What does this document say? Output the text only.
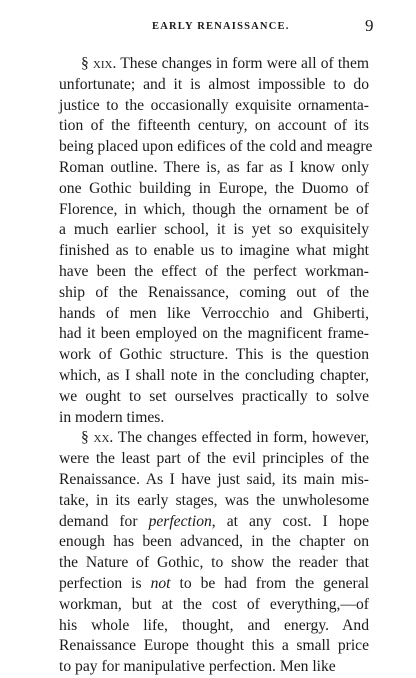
EARLY RENAISSANCE.	9
§ xix. These changes in form were all of them
unfortunate; and it is almost impossible to do
justice to the occasionally exquisite ornamenta-
tion of the fifteenth century, on account of its
being placed upon edifices of the cold and meagre
Roman outline. There is, as far as I know only
one Gothic building in Europe, the Duomo of
Florence, in which, though the ornament be of
a much earlier school, it is yet so exquisitely
finished as to enable us to imagine what might
have been the effect of the perfect workman-
ship of the Renaissance, coming out of the
hands of men like Verrocchio and Ghiberti,
had it been employed on the magnificent frame-
work of Gothic structure. This is the question
which, as I shall note in the concluding chapter,
we ought to set ourselves practically to solve
in modern times.
§ xx. The changes effected in form, however,
were the least part of the evil principles of the
Renaissance. As I have just said, its main mis-
take, in its early stages, was the unwholesome
demand for perfection, at any cost. I hope
enough has been advanced, in the chapter on
the Nature of Gothic, to show the reader that
perfection is not to be had from the general
workman, but at the cost of everything,—of
his whole life, thought, and energy. And
Renaissance Europe thought this a small price
to pay for manipulative perfection. Men like
